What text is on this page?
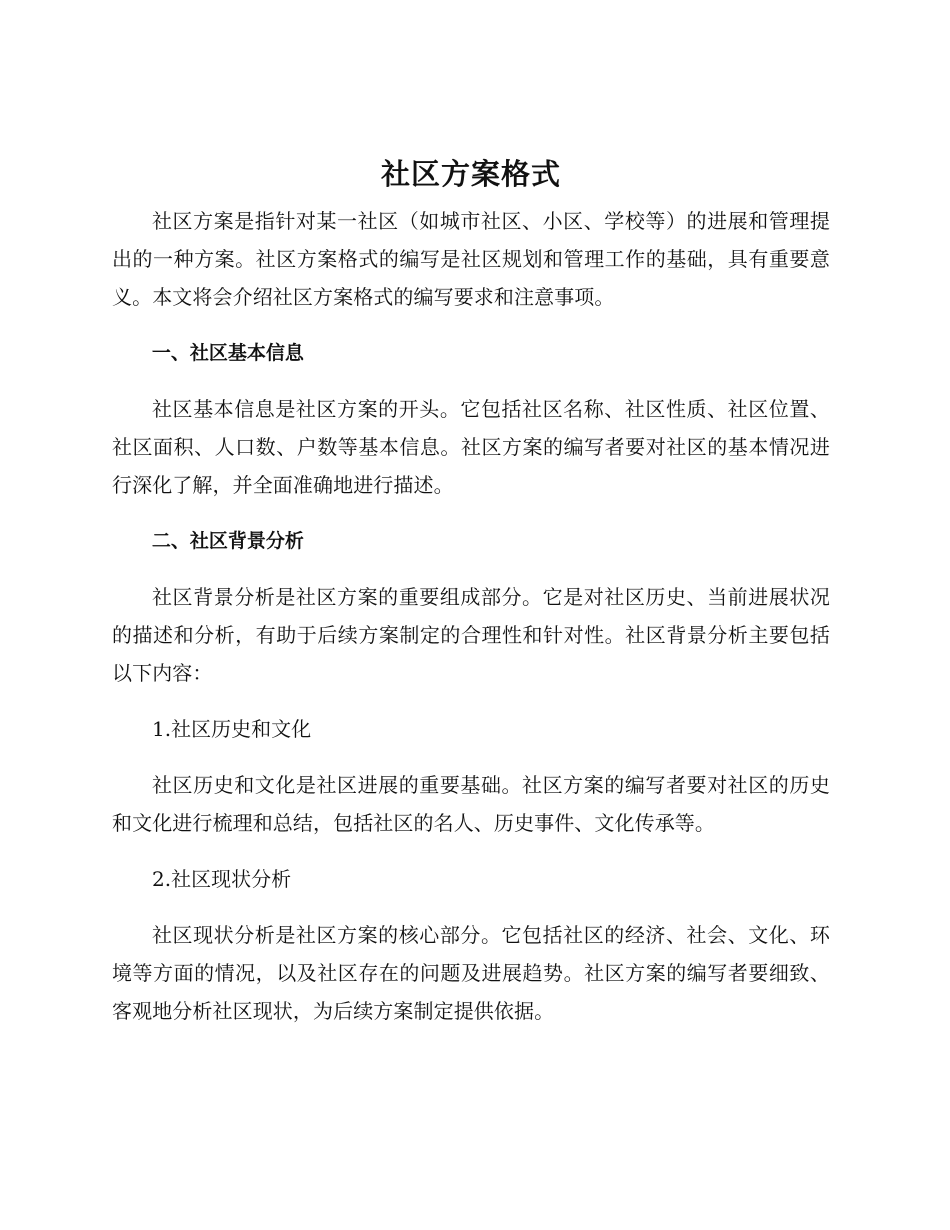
社区方案格式

社区方案是指针对某一社区（如城市社区、小区、学校等）的进展和管理提出的一种方案。社区方案格式的编写是社区规划和管理工作的基础，具有重要意义。本文将会介绍社区方案格式的编写要求和注意事项。

一、社区基本信息

社区基本信息是社区方案的开头。它包括社区名称、社区性质、社区位置、社区面积、人口数、户数等基本信息。社区方案的编写者要对社区的基本情况进行深化了解，并全面准确地进行描述。

二、社区背景分析

社区背景分析是社区方案的重要组成部分。它是对社区历史、当前进展状况的描述和分析，有助于后续方案制定的合理性和针对性。社区背景分析主要包括以下内容：

1.社区历史和文化

社区历史和文化是社区进展的重要基础。社区方案的编写者要对社区的历史和文化进行梳理和总结，包括社区的名人、历史事件、文化传承等。

2.社区现状分析

社区现状分析是社区方案的核心部分。它包括社区的经济、社会、文化、环境等方面的情况，以及社区存在的问题及进展趋势。社区方案的编写者要细致、客观地分析社区现状，为后续方案制定提供依据。
